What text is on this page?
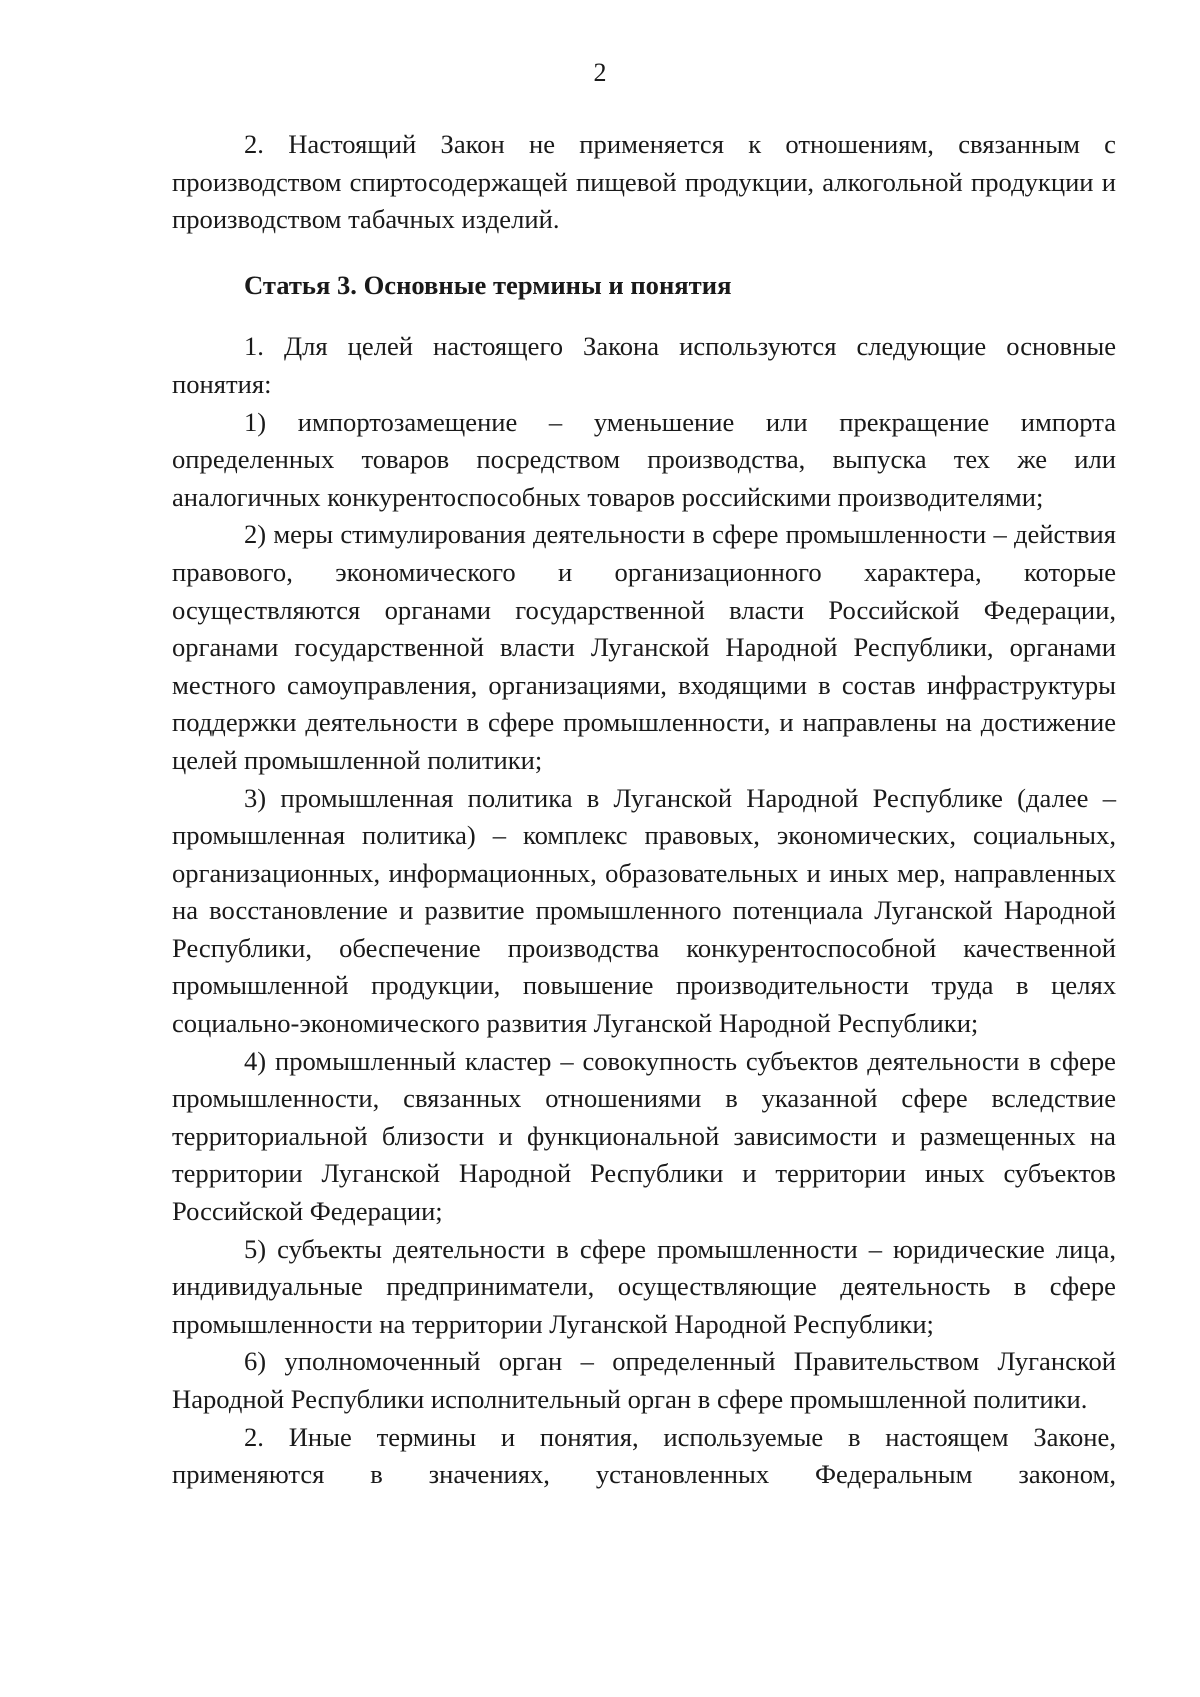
2

2. Настоящий Закон не применяется к отношениям, связанным с производством спиртосодержащей пищевой продукции, алкогольной продукции и производством табачных изделий.

Статья 3. Основные термины и понятия

1. Для целей настоящего Закона используются следующие основные понятия:

1) импортозамещение – уменьшение или прекращение импорта определенных товаров посредством производства, выпуска тех же или аналогичных конкурентоспособных товаров российскими производителями;

2) меры стимулирования деятельности в сфере промышленности – действия правового, экономического и организационного характера, которые осуществляются органами государственной власти Российской Федерации, органами государственной власти Луганской Народной Республики, органами местного самоуправления, организациями, входящими в состав инфраструктуры поддержки деятельности в сфере промышленности, и направлены на достижение целей промышленной политики;

3) промышленная политика в Луганской Народной Республике (далее – промышленная политика) – комплекс правовых, экономических, социальных, организационных, информационных, образовательных и иных мер, направленных на восстановление и развитие промышленного потенциала Луганской Народной Республики, обеспечение производства конкурентоспособной качественной промышленной продукции, повышение производительности труда в целях социально-экономического развития Луганской Народной Республики;

4) промышленный кластер – совокупность субъектов деятельности в сфере промышленности, связанных отношениями в указанной сфере вследствие территориальной близости и функциональной зависимости и размещенных на территории Луганской Народной Республики и территории иных субъектов Российской Федерации;

5) субъекты деятельности в сфере промышленности – юридические лица, индивидуальные предприниматели, осуществляющие деятельность в сфере промышленности на территории Луганской Народной Республики;

6) уполномоченный орган – определенный Правительством Луганской Народной Республики исполнительный орган в сфере промышленной политики.

2. Иные термины и понятия, используемые в настоящем Законе, применяются в значениях, установленных Федеральным законом,
